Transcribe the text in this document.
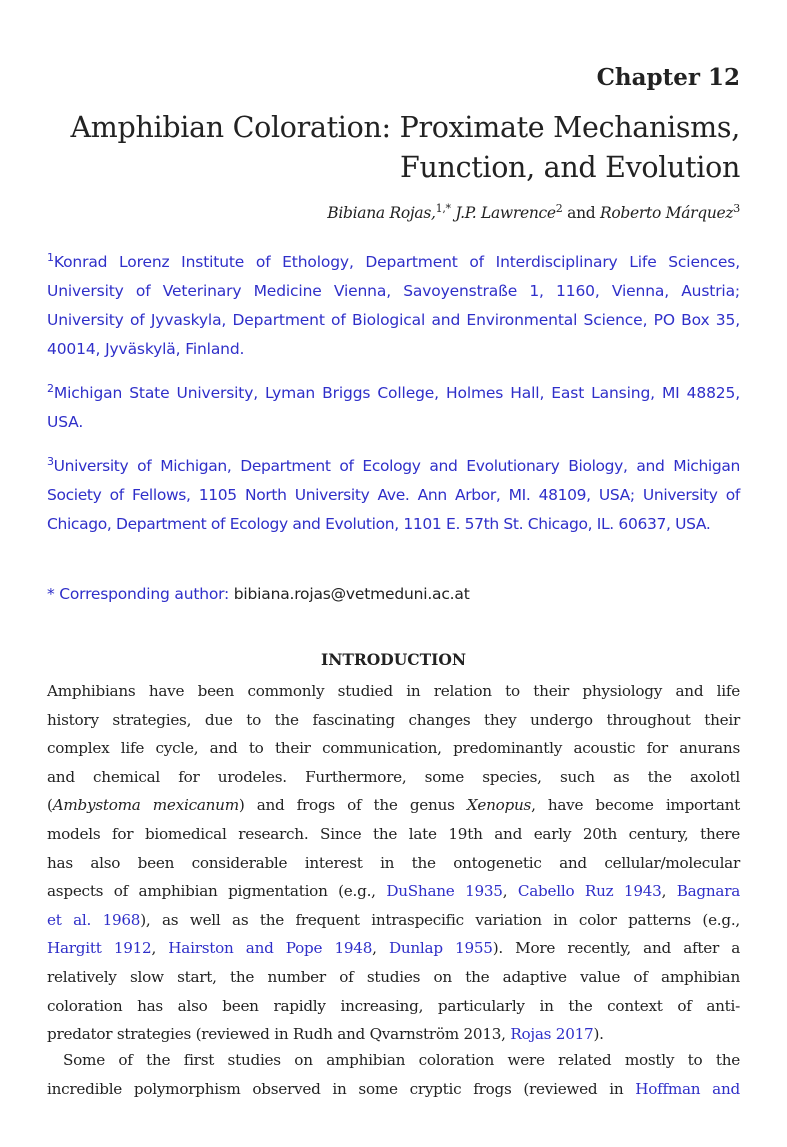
Chapter 12
Amphibian Coloration: Proximate Mechanisms,
Function, and Evolution
Bibiana Rojas,$^{1,*}$ J.P. Lawrence$^2$ and Roberto Márquez$^3$
$^1$Konrad Lorenz Institute of Ethology, Department of Interdisciplinary Life Sciences, University of Veterinary Medicine Vienna, Savoyenstraße 1, 1160, Vienna, Austria; University of Jyvaskyla, Department of Biological and Environmental Science, PO Box 35, 40014, Jyväskylä, Finland.
$^2$Michigan State University, Lyman Briggs College, Holmes Hall, East Lansing, MI 48825, USA.
$^3$University of Michigan, Department of Ecology and Evolutionary Biology, and Michigan Society of Fellows, 1105 North University Ave. Ann Arbor, MI. 48109, USA; University of Chicago, Department of Ecology and Evolution, 1101 E. 57th St. Chicago, IL. 60637, USA.
* Corresponding author: bibiana.rojas@vetmeduni.ac.at
INTRODUCTION
Amphibians have been commonly studied in relation to their physiology and life
history strategies, due to the fascinating changes they undergo throughout their
complex life cycle, and to their communication, predominantly acoustic for anurans
and chemical for urodeles. Furthermore, some species, such as the axolotl
(Ambystoma mexicanum) and frogs of the genus Xenopus, have become important
models for biomedical research. Since the late 19th and early 20th century, there
has also been considerable interest in the ontogenetic and cellular/molecular
aspects of amphibian pigmentation (e.g., DuShane 1935, Cabello Ruz 1943, Bagnara
et al. 1968), as well as the frequent intraspecific variation in color patterns (e.g.,
Hargitt 1912, Hairston and Pope 1948, Dunlap 1955). More recently, and after a
relatively slow start, the number of studies on the adaptive value of amphibian
coloration has also been rapidly increasing, particularly in the context of anti-
predator strategies (reviewed in Rudh and Qvarnström 2013, Rojas 2017).
Some of the first studies on amphibian coloration were related mostly to the
incredible polymorphism observed in some cryptic frogs (reviewed in Hoffman and
